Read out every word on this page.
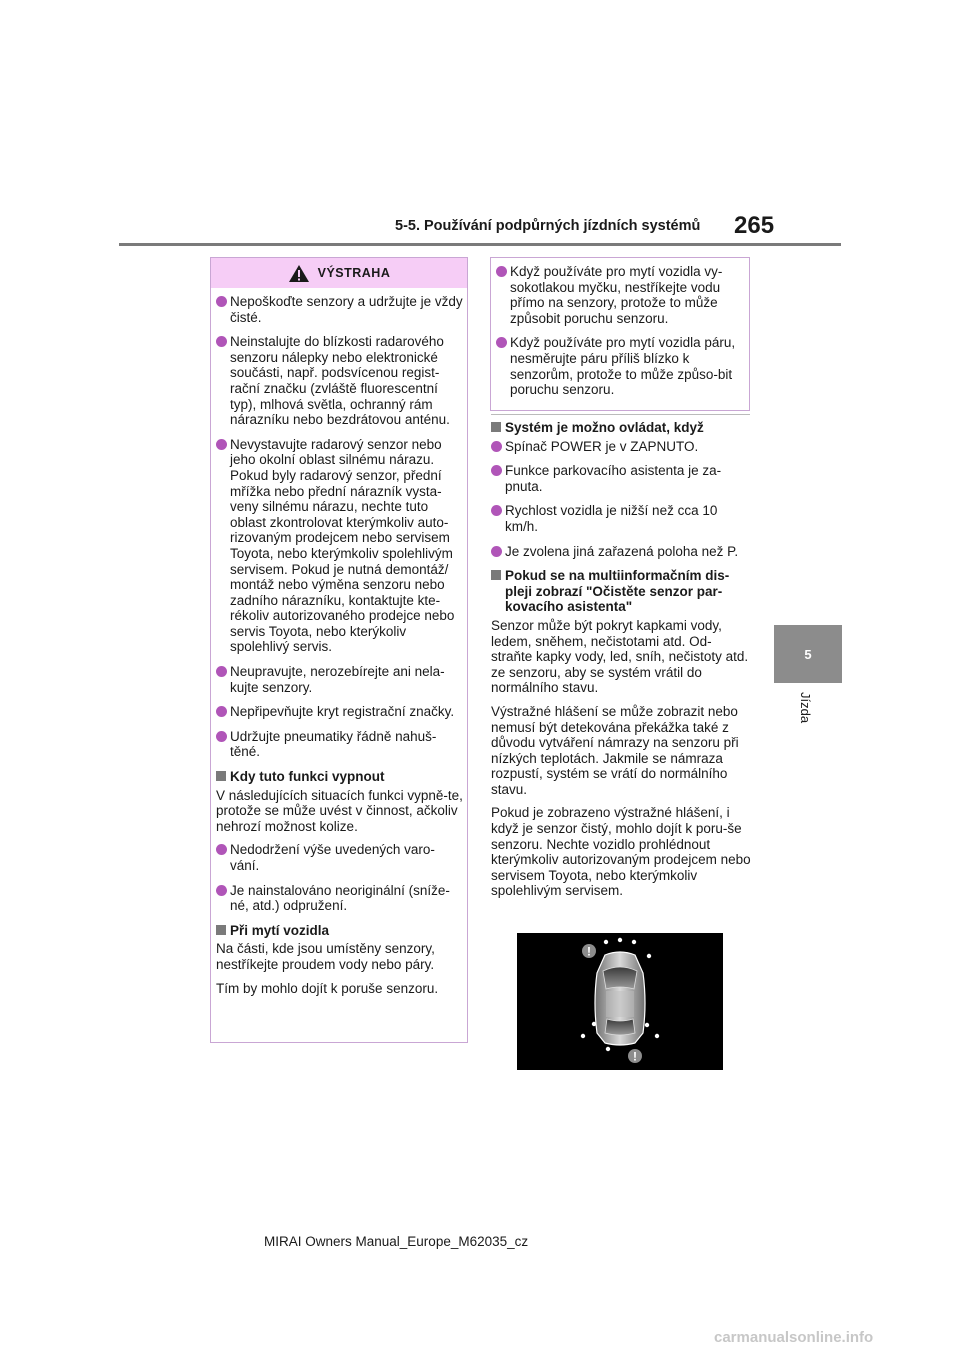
5-5. Používání podpůrných jízdních systémů 265
5
Jízda
VÝSTRAHA
Nepoškoďte senzory a udržujte je vždy čisté.
Neinstalujte do blízkosti radarového senzoru nálepky nebo elektronické součásti, např. podsvícenou regist-rační značku (zvláště fluorescentní typ), mlhová světla, ochranný rám nárazníku nebo bezdrátovou anténu.
Nevystavujte radarový senzor nebo jeho okolní oblast silnému nárazu. Pokud byly radarový senzor, přední mřížka nebo přední nárazník vysta-veny silnému nárazu, nechte tuto oblast zkontrolovat kterýmkoliv auto-rizovaným prodejcem nebo servisem Toyota, nebo kterýmkoliv spolehlivým servisem. Pokud je nutná demontáž/ montáž nebo výměna senzoru nebo zadního nárazníku, kontaktujte kte-rékoliv autorizovaného prodejce nebo servis Toyota, nebo kterýkoliv spolehlivý servis.
Neupravujte, nerozebírejte ani nela-kujte senzory.
Nepřipevňujte kryt registrační značky.
Udržujte pneumatiky řádně nahuš-těné.
Kdy tuto funkci vypnout
V následujících situacích funkci vypně-te, protože se může uvést v činnost, ačkoliv nehrozí možnost kolize.
Nedodržení výše uvedených varo-vání.
Je nainstalováno neoriginální (sníže-né, atd.) odpružení.
Při mytí vozidla
Na části, kde jsou umístěny senzory, nestříkejte proudem vody nebo páry.
Tím by mohlo dojít k poruše senzoru.
Když používáte pro mytí vozidla vy-sokotlakou myčku, nestříkejte vodu přímo na senzory, protože to může způsobit poruchu senzoru.
Když používáte pro mytí vozidla páru, nesměrujte páru příliš blízko k senzorům, protože to může způso-bit poruchu senzoru.
Systém je možno ovládat, když
Spínač POWER je v ZAPNUTO.
Funkce parkovacího asistenta je za-pnuta.
Rychlost vozidla je nižší než cca 10 km/h.
Je zvolena jiná zařazená poloha než P.
Pokud se na multiinformačním dis-pleji zobrazí "Očistěte senzor par-kovacího asistenta"
Senzor může být pokryt kapkami vody, ledem, sněhem, nečistotami atd. Od-straňte kapky vody, led, sníh, nečistoty atd. ze senzoru, aby se systém vrátil do normálního stavu.
Výstražné hlášení se může zobrazit nebo nemusí být detekována překážka také z důvodu vytváření námrazy na senzoru při nízkých teplotách. Jakmile se námraza rozpustí, systém se vrátí do normálního stavu.
Pokud je zobrazeno výstražné hlášení, i když je senzor čistý, mohlo dojít k poru-še senzoru. Nechte vozidlo prohlédnout kterýmkoliv autorizovaným prodejcem nebo servisem Toyota, nebo kterýmkoliv spolehlivým servisem.
!
!
MIRAI Owners Manual_Europe_M62035_cz
carmanualsonline.info
